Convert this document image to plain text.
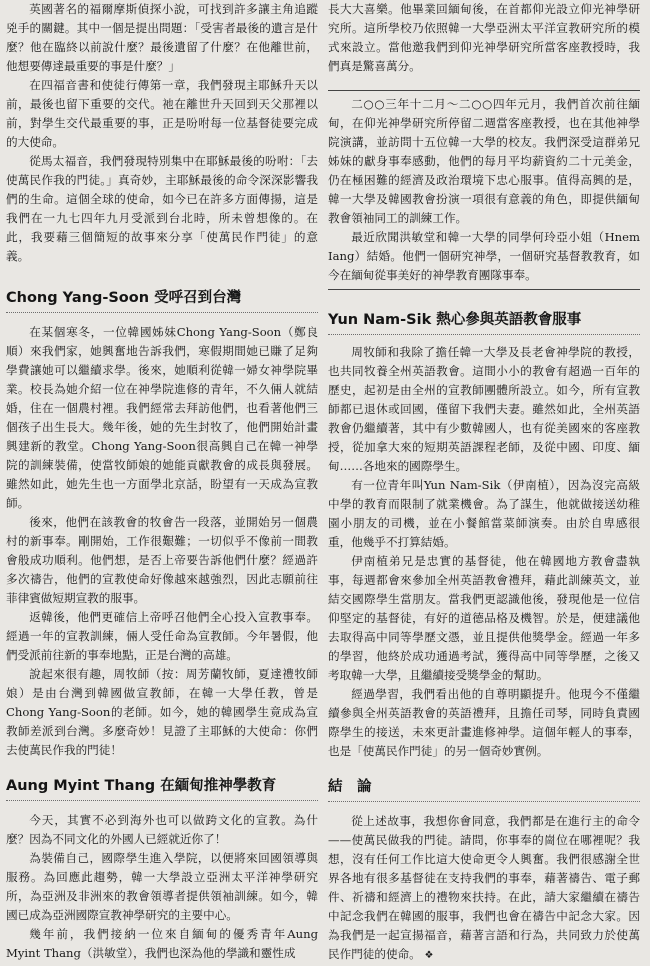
英國著名的福爾摩斯偵探小說，可找到許多讓主角追蹤兇手的關鍵。其中一個是提出問題：「受害者最後的遺言是什麼？他在臨終以前說什麼？最後遺留了什麼？在他離世前，他想要傳達最重要的事是什麼？」

在四福音書和使徒行傳第一章，我們發現主耶穌升天以前，最後也留下重要的交代。祂在離世升天回到天父那裡以前，對學生交代最重要的事，正是吩咐每一位基督徒要完成的大使命。

從馬太福音，我們發現特別集中在耶穌最後的吩咐：「去使萬民作我的門徒。」真奇妙，主耶穌最後的命令深深影響我們的生命。這個全球的使命，如今已在許多方面傳揚，這是我們在一九七四年九月受派到台北時，所未曾想像的。在此，我要藉三個簡短的故事來分享「使萬民作門徒」的意義。

Chong Yang-Soon 受呼召到台灣

在某個寒冬，一位韓國姊妹Chong Yang-Soon（鄭良順）來我們家，她興奮地告訴我們，寒假期間她已賺了足夠學費讓她可以繼續求學。後來，她順利從韓一婦女神學院畢業。校長為她介紹一位在神學院進修的青年，不久倆人就結婚，住在一個農村裡。我們經常去拜訪他們，也看著他們三個孩子出生長大。幾年後，她的先生封牧了，他們開始計畫興建新的教堂。Chong Yang-Soon很高興自己在韓一神學院的訓練裝備，使當牧師娘的她能貢獻教會的成長與發展。雖然如此，她先生也一方面學北京話，盼望有一天成為宣教師。

後來，他們在該教會的牧會告一段落，並開始另一個農村的新事奉。剛開始，工作很艱難；一切似乎不像前一間教會般成功順利。他們想，是否上帝要告訴他們什麼？經過許多次禱告，他們的宣教使命好像越來越強烈，因此志願前往菲律賓做短期宣教的服事。

返韓後，他們更確信上帝呼召他們全心投入宣教事奉。經過一年的宣教訓練，倆人受任命為宣教師。今年暑假，他們受派前往新的事奉地點，正是台灣的高雄。

說起來很有趣，周牧師（按：周芳蘭牧師，夏達禮牧師娘）是由台灣到韓國做宣教師，在韓一大學任教，曾是Chong Yang-Soon的老師。如今，她的韓國學生竟成為宣教師差派到台灣。多麼奇妙！見證了主耶穌的大使命：你們去使萬民作我的門徒！

Aung Myint Thang 在緬甸推神學教育

今天，其實不必到海外也可以做跨文化的宣教。為什麼？因為不同文化的外國人已經就近你了！

為裝備自己，國際學生進入學院，以便將來回國領導與服務。為回應此趨勢，韓一大學設立亞洲太平洋神學研究所，為亞洲及非洲來的教會領導者提供領袖訓練。如今，韓國已成為亞洲國際宣教神學研究的主要中心。

幾年前，我們接納一位來自緬甸的優秀青年Aung Myint Thang（洪敏堂），我們也深為他的學識和靈性成

長大大喜樂。他畢業回緬甸後，在首都仰光設立仰光神學研究所。這所學校乃依照韓一大學亞洲太平洋宣教研究所的模式來設立。當他邀我們到仰光神學研究所當客座教授時，我們真是驚喜萬分。

二○○三年十二月～二○○四年元月，我們首次前往緬甸，在仰光神學研究所停留二週當客座教授，也在其他神學院演講，並訪問十五位韓一大學的校友。我們深受這群弟兄姊妹的獻身事奉感動，他們的每月平均薪資約二十元美金，仍在極困難的經濟及政治環境下忠心服事。值得高興的是，韓一大學及韓國教會扮演一項很有意義的角色，即提供緬甸教會領袖同工的訓練工作。

最近欣聞洪敏堂和韓一大學的同學何玲亞小姐（Hnem Iang）結婚。他們一個研究神學，一個研究基督教教育，如今在緬甸從事美好的神學教育團隊事奉。

Yun Nam-Sik 熱心參與英語教會服事

周牧師和我除了擔任韓一大學及長老會神學院的教授，也共同牧養全州英語教會。這間小小的教會有超過一百年的歷史，起初是由全州的宣教師團體所設立。如今，所有宣教師都已退休或回國，僅留下我們夫妻。雖然如此，全州英語教會仍繼續著，其中有少數韓國人，也有從美國來的客座教授，從加拿大來的短期英語課程老師，及從中國、印度、緬甸……各地來的國際學生。

有一位青年叫Yun Nam-Sik（伊南植），因為沒完高級中學的教育而限制了就業機會。為了謀生，他就做接送幼稚園小朋友的司機，並在小餐館當菜師演奏。由於自卑感很重，他幾乎不打算結婚。

伊南植弟兄是忠實的基督徒，他在韓國地方教會盡執事，每週都會來參加全州英語教會禮拜，藉此訓練英文，並結交國際學生當朋友。當我們更認識他後，發現他是一位信仰堅定的基督徒，有好的道德品格及機智。於是，便建議他去取得高中同等學歷文憑，並且提供他獎學金。經過一年多的學習，他終於成功通過考試，獲得高中同等學歷，之後又考取韓一大學，且繼續接受獎學金的幫助。

經過學習，我們看出他的自尊明顯提升。他現今不僅繼續參與全州英語教會的英語禮拜，且擔任司琴，同時負責國際學生的接送，未來更計畫進修神學。這個年輕人的事奉，也是「使萬民作門徒」的另一個奇妙實例。

結　論

從上述故事，我想你會同意，我們都是在進行主的命令——使萬民做我的門徒。請問，你事奉的崗位在哪裡呢？我想，沒有任何工作比這大使命更令人興奮。我們很感謝全世界各地有很多基督徒在支持我們的事奉，藉著禱告、電子郵件、祈禱和經濟上的禮物來扶持。在此，請大家繼續在禱告中記念我們在韓國的服事，我們也會在禱告中記念大家。因為我們是一起宣揚福音，藉著言語和行為，共同致力於使萬民作門徒的使命。 ❖
